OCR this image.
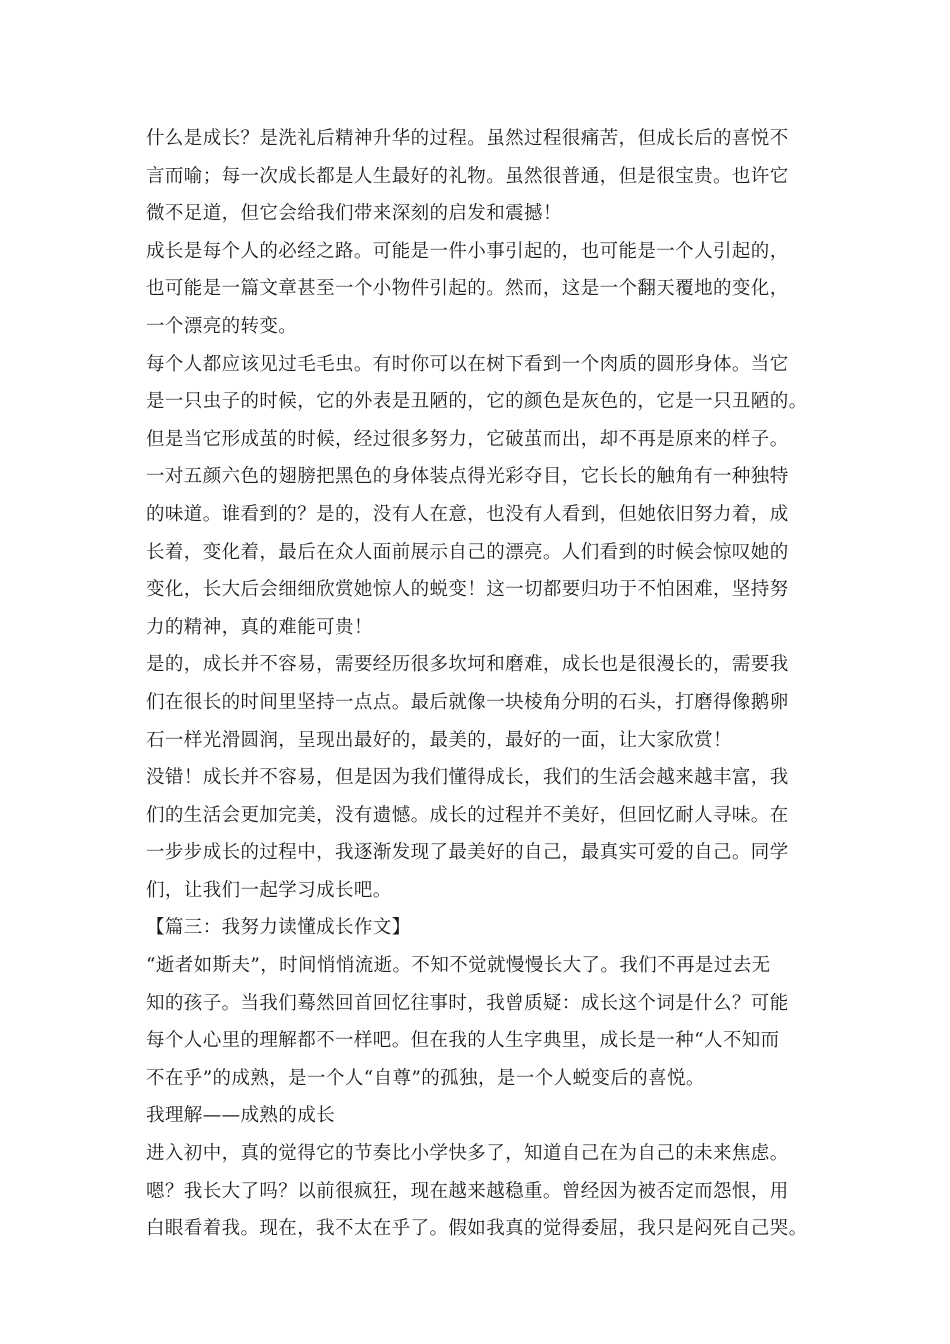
什么是成长？是洗礼后精神升华的过程。虽然过程很痛苦，但成长后的喜悦不
言而喻；每一次成长都是人生最好的礼物。虽然很普通，但是很宝贵。也许它
微不足道，但它会给我们带来深刻的启发和震撼！
成长是每个人的必经之路。可能是一件小事引起的，也可能是一个人引起的，
也可能是一篇文章甚至一个小物件引起的。然而，这是一个翻天覆地的变化，
一个漂亮的转变。
每个人都应该见过毛毛虫。有时你可以在树下看到一个肉质的圆形身体。当它
是一只虫子的时候，它的外表是丑陋的，它的颜色是灰色的，它是一只丑陋的。
但是当它形成茧的时候，经过很多努力，它破茧而出，却不再是原来的样子。
一对五颜六色的翅膀把黑色的身体装点得光彩夺目，它长长的触角有一种独特
的味道。谁看到的？是的，没有人在意，也没有人看到，但她依旧努力着，成
长着，变化着，最后在众人面前展示自己的漂亮。人们看到的时候会惊叹她的
变化，长大后会细细欣赏她惊人的蜕变！这一切都要归功于不怕困难，坚持努
力的精神，真的难能可贵！
是的，成长并不容易，需要经历很多坎坷和磨难，成长也是很漫长的，需要我
们在很长的时间里坚持一点点。最后就像一块棱角分明的石头，打磨得像鹅卵
石一样光滑圆润，呈现出最好的，最美的，最好的一面，让大家欣赏！
没错！成长并不容易，但是因为我们懂得成长，我们的生活会越来越丰富，我
们的生活会更加完美，没有遗憾。成长的过程并不美好，但回忆耐人寻味。在
一步步成长的过程中，我逐渐发现了最美好的自己，最真实可爱的自己。同学
们，让我们一起学习成长吧。
【篇三：我努力读懂成长作文】
“逝者如斯夫”，时间悄悄流逝。不知不觉就慢慢长大了。我们不再是过去无
知的孩子。当我们蓦然回首回忆往事时，我曾质疑：成长这个词是什么？可能
每个人心里的理解都不一样吧。但在我的人生字典里，成长是一种“人不知而
不在乎”的成熟，是一个人“自尊”的孤独，是一个人蜕变后的喜悦。
我理解——成熟的成长
进入初中，真的觉得它的节奏比小学快多了，知道自己在为自己的未来焦虑。
嗯？我长大了吗？以前很疯狂，现在越来越稳重。曾经因为被否定而怨恨，用
白眼看着我。现在，我不太在乎了。假如我真的觉得委屈，我只是闷死自己哭。
